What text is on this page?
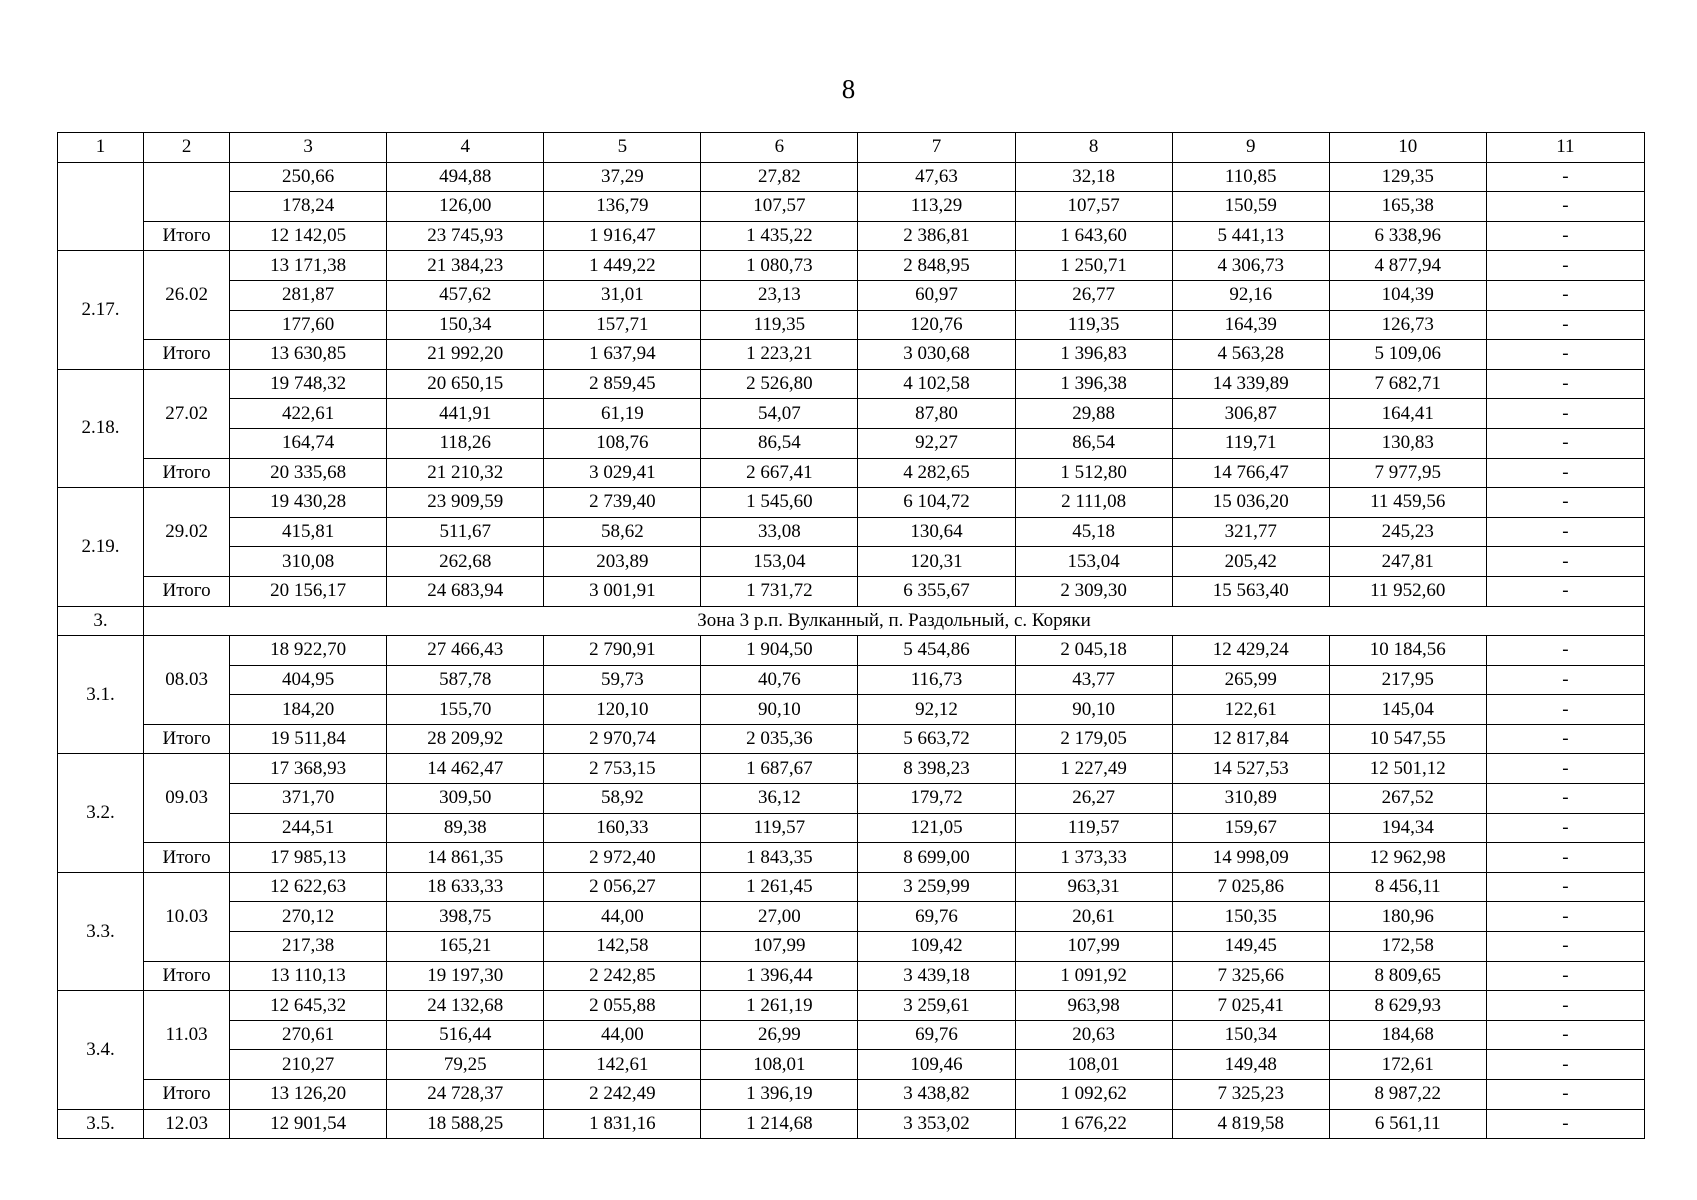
8
1	2	3	4	5	6	7	8	9	10	11
		250,66	494,88	37,29	27,82	47,63	32,18	110,85	129,35	-
		178,24	126,00	136,79	107,57	113,29	107,57	150,59	165,38	-
	Итого	12 142,05	23 745,93	1 916,47	1 435,22	2 386,81	1 643,60	5 441,13	6 338,96	-
2.17.	26.02	13 171,38	21 384,23	1 449,22	1 080,73	2 848,95	1 250,71	4 306,73	4 877,94	-
		281,87	457,62	31,01	23,13	60,97	26,77	92,16	104,39	-
		177,60	150,34	157,71	119,35	120,76	119,35	164,39	126,73	-
	Итого	13 630,85	21 992,20	1 637,94	1 223,21	3 030,68	1 396,83	4 563,28	5 109,06	-
2.18.	27.02	19 748,32	20 650,15	2 859,45	2 526,80	4 102,58	1 396,38	14 339,89	7 682,71	-
		422,61	441,91	61,19	54,07	87,80	29,88	306,87	164,41	-
		164,74	118,26	108,76	86,54	92,27	86,54	119,71	130,83	-
	Итого	20 335,68	21 210,32	3 029,41	2 667,41	4 282,65	1 512,80	14 766,47	7 977,95	-
2.19.	29.02	19 430,28	23 909,59	2 739,40	1 545,60	6 104,72	2 111,08	15 036,20	11 459,56	-
		415,81	511,67	58,62	33,08	130,64	45,18	321,77	245,23	-
		310,08	262,68	203,89	153,04	120,31	153,04	205,42	247,81	-
	Итого	20 156,17	24 683,94	3 001,91	1 731,72	6 355,67	2 309,30	15 563,40	11 952,60	-
3.	Зона 3 р.п. Вулканный, п. Раздольный, с. Коряки									
3.1.	08.03	18 922,70	27 466,43	2 790,91	1 904,50	5 454,86	2 045,18	12 429,24	10 184,56	-
		404,95	587,78	59,73	40,76	116,73	43,77	265,99	217,95	-
		184,20	155,70	120,10	90,10	92,12	90,10	122,61	145,04	-
	Итого	19 511,84	28 209,92	2 970,74	2 035,36	5 663,72	2 179,05	12 817,84	10 547,55	-
3.2.	09.03	17 368,93	14 462,47	2 753,15	1 687,67	8 398,23	1 227,49	14 527,53	12 501,12	-
		371,70	309,50	58,92	36,12	179,72	26,27	310,89	267,52	-
		244,51	89,38	160,33	119,57	121,05	119,57	159,67	194,34	-
	Итого	17 985,13	14 861,35	2 972,40	1 843,35	8 699,00	1 373,33	14 998,09	12 962,98	-
3.3.	10.03	12 622,63	18 633,33	2 056,27	1 261,45	3 259,99	963,31	7 025,86	8 456,11	-
		270,12	398,75	44,00	27,00	69,76	20,61	150,35	180,96	-
		217,38	165,21	142,58	107,99	109,42	107,99	149,45	172,58	-
	Итого	13 110,13	19 197,30	2 242,85	1 396,44	3 439,18	1 091,92	7 325,66	8 809,65	-
3.4.	11.03	12 645,32	24 132,68	2 055,88	1 261,19	3 259,61	963,98	7 025,41	8 629,93	-
		270,61	516,44	44,00	26,99	69,76	20,63	150,34	184,68	-
		210,27	79,25	142,61	108,01	109,46	108,01	149,48	172,61	-
	Итого	13 126,20	24 728,37	2 242,49	1 396,19	3 438,82	1 092,62	7 325,23	8 987,22	-
3.5.	12.03	12 901,54	18 588,25	1 831,16	1 214,68	3 353,02	1 676,22	4 819,58	6 561,11	-
